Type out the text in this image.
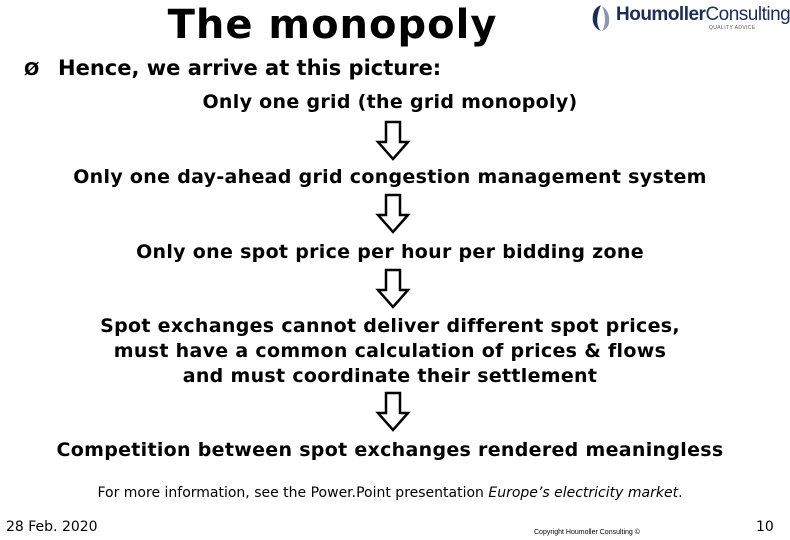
The monopoly	HoumollerConsulting
QUALITY ADVICE
Ø Hence, we arrive at this picture:
Only one grid (the grid monopoly)
Only one day-ahead grid congestion management system
Only one spot price per hour per bidding zone
Spot exchanges cannot deliver different spot prices,
must have a common calculation of prices & flows
and must coordinate their settlement
Competition between spot exchanges rendered meaningless
For more information, see the Power.Point presentation Europe’s electricity market.
28 Feb. 2020	Copyright Houmoller Consulting ©	10
